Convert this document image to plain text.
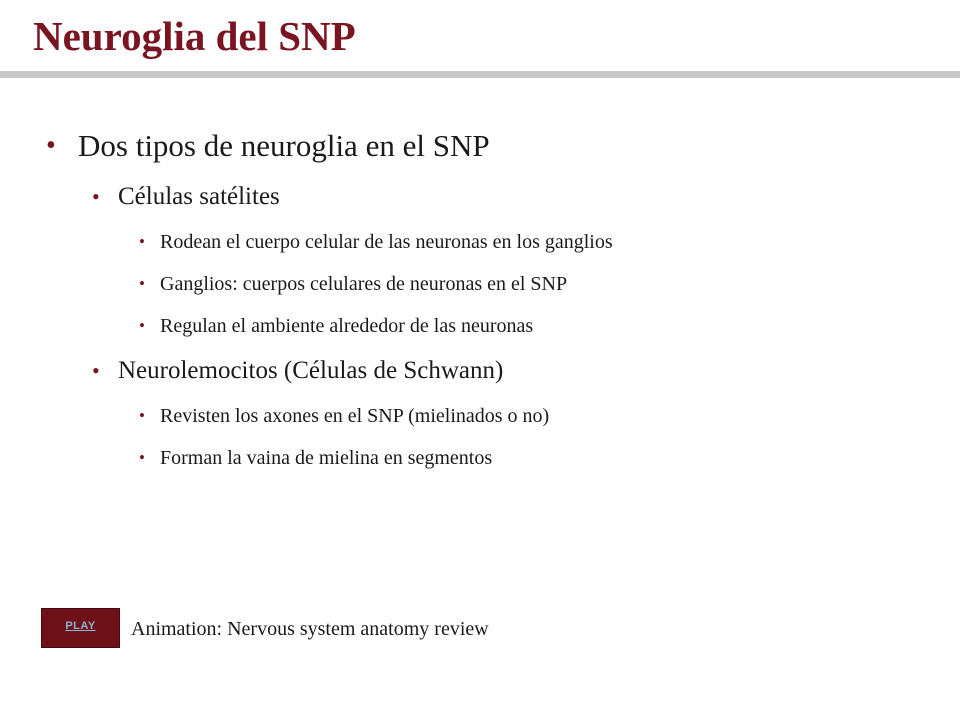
Neuroglia del SNP
• Dos tipos de neuroglia en el SNP
• Células satélites
• Rodean el cuerpo celular de las neuronas en los ganglios
• Ganglios: cuerpos celulares de neuronas en el SNP
• Regulan el ambiente alrededor de las neuronas
• Neurolemocitos (Células de Schwann)
• Revisten los axones en el SNP (mielinados o no)
• Forman la vaina de mielina en segmentos
PLAY	Animation: Nervous system anatomy review
